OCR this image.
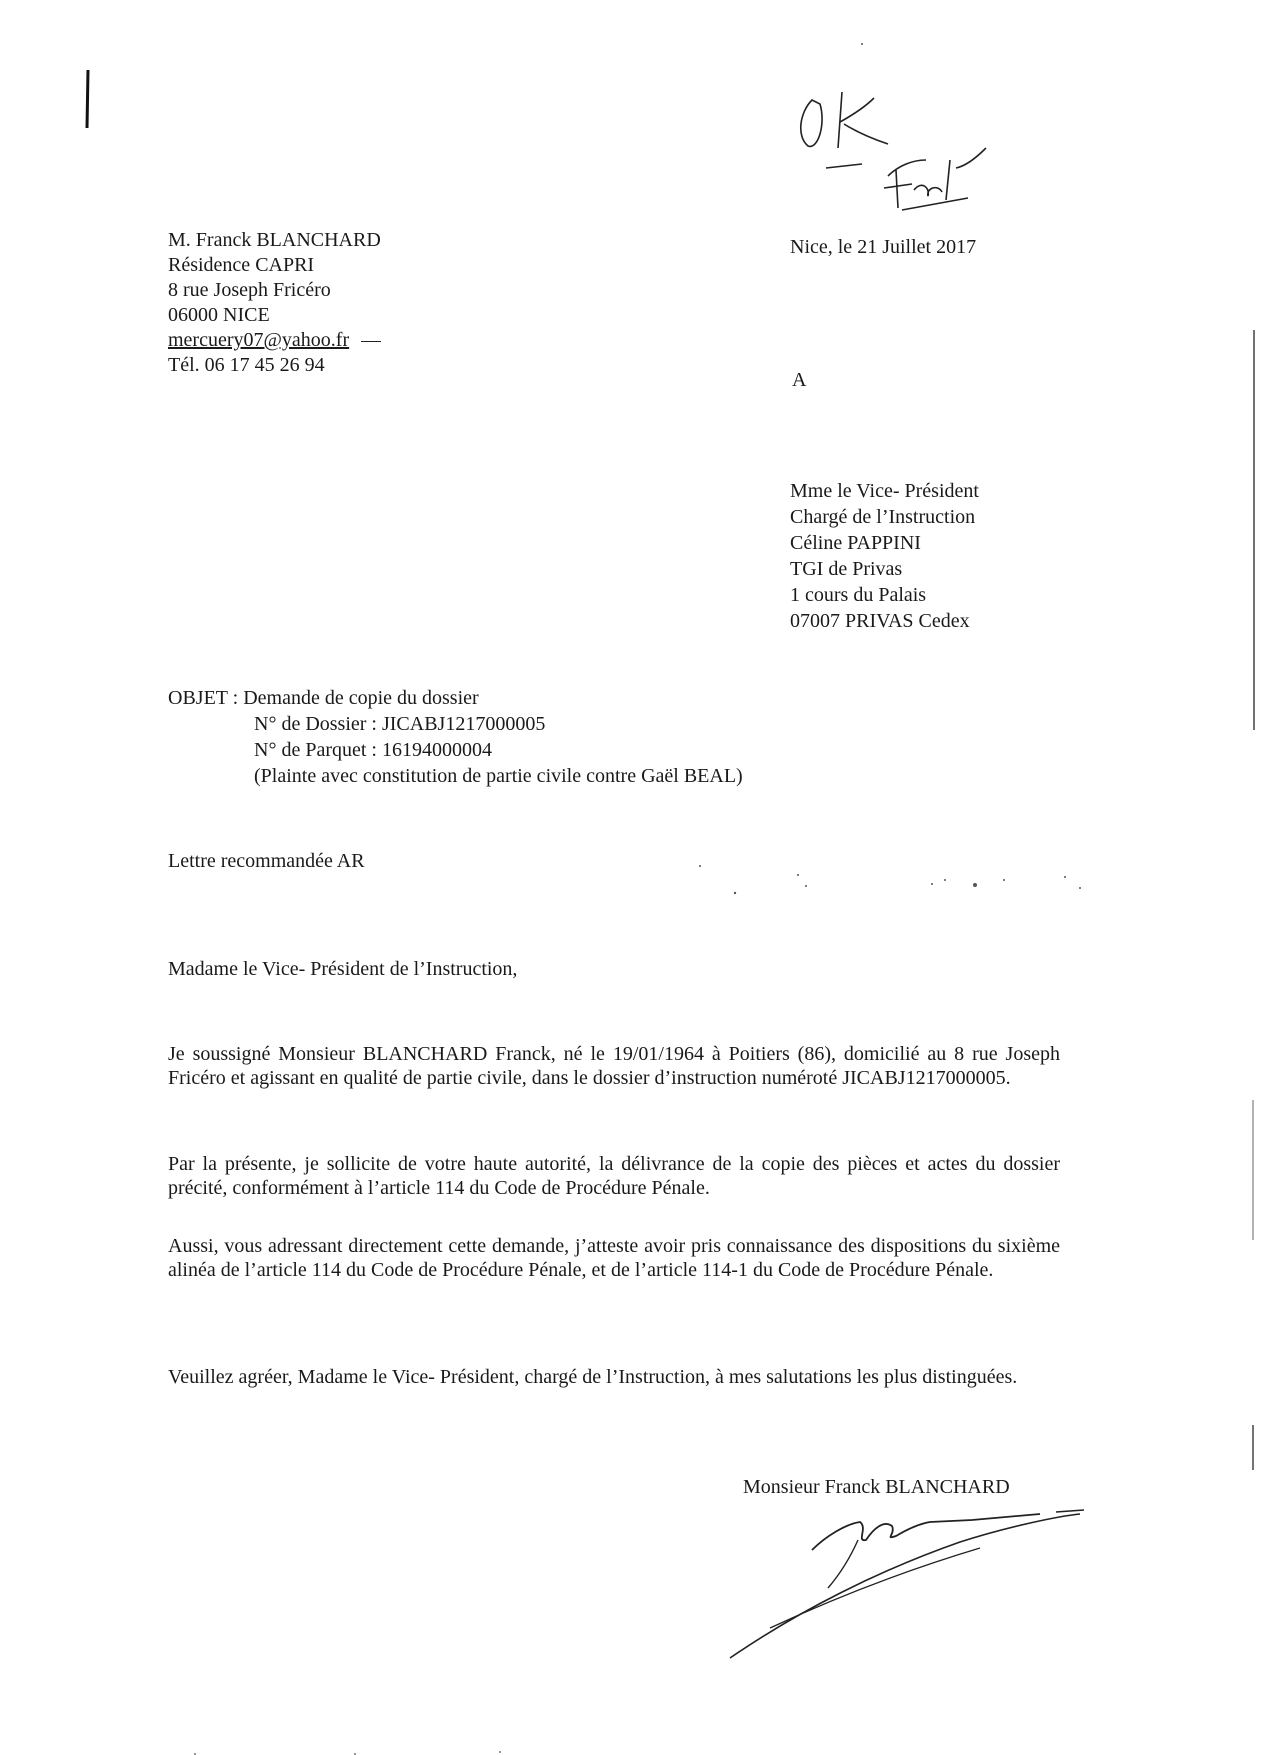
M. Franck BLANCHARD
Résidence CAPRI
8 rue Joseph Fricéro
06000 NICE
mercuery07@yahoo.fr
Tél. 06 17 45 26 94
Nice, le 21 Juillet 2017
A
Mme le Vice- Président
Chargé de l’Instruction
Céline PAPPINI
TGI de Privas
1 cours du Palais
07007 PRIVAS Cedex
OBJET : Demande de copie du dossier
N° de Dossier : JICABJ1217000005
N° de Parquet : 16194000004
(Plainte avec constitution de partie civile contre Gaël BEAL)
Lettre recommandée AR
Madame le Vice- Président de l’Instruction,
Je soussigné Monsieur BLANCHARD Franck, né le 19/01/1964 à Poitiers (86), domicilié au 8 rue Joseph Fricéro et agissant en qualité de partie civile, dans le dossier d’instruction numéroté JICABJ1217000005.
Par la présente, je sollicite de votre haute autorité, la délivrance de la copie des pièces et actes du dossier précité, conformément à l’article 114 du Code de Procédure Pénale.
Aussi, vous adressant directement cette demande, j’atteste avoir pris connaissance des dispositions du sixième alinéa de l’article 114 du Code de Procédure Pénale, et de l’article 114-1 du Code de Procédure Pénale.
Veuillez agréer, Madame le Vice- Président, chargé de l’Instruction, à mes salutations les plus distinguées.
Monsieur Franck BLANCHARD
